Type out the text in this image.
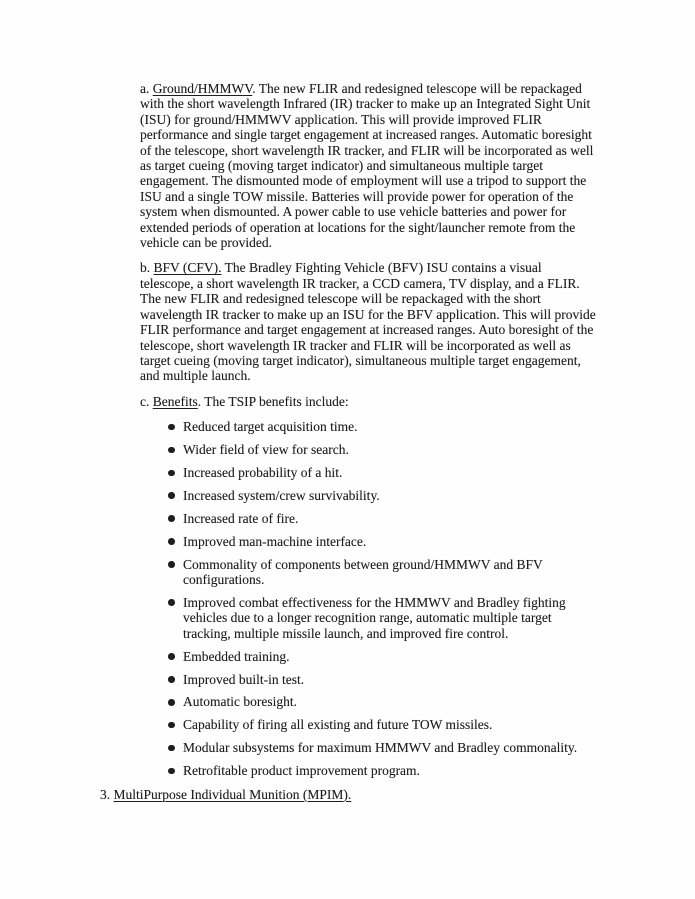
a. Ground/HMMWV. The new FLIR and redesigned telescope will be repackaged with the short wavelength Infrared (IR) tracker to make up an Integrated Sight Unit (ISU) for ground/HMMWV application. This will provide improved FLIR performance and single target engagement at increased ranges. Automatic boresight of the telescope, short wavelength IR tracker, and FLIR will be incorporated as well as target cueing (moving target indicator) and simultaneous multiple target engagement. The dismounted mode of employment will use a tripod to support the ISU and a single TOW missile. Batteries will provide power for operation of the system when dismounted. A power cable to use vehicle batteries and power for extended periods of operation at locations for the sight/launcher remote from the vehicle can be provided.

b. BFV (CFV). The Bradley Fighting Vehicle (BFV) ISU contains a visual telescope, a short wavelength IR tracker, a CCD camera, TV display, and a FLIR. The new FLIR and redesigned telescope will be repackaged with the short wavelength IR tracker to make up an ISU for the BFV application. This will provide FLIR performance and target engagement at increased ranges. Auto boresight of the telescope, short wavelength IR tracker and FLIR will be incorporated as well as target cueing (moving target indicator), simultaneous multiple target engagement, and multiple launch.

c. Benefits. The TSIP benefits include:

Reduced target acquisition time.
Wider field of view for search.
Increased probability of a hit.
Increased system/crew survivability.
Increased rate of fire.
Improved man-machine interface.
Commonality of components between ground/HMMWV and BFV configurations.
Improved combat effectiveness for the HMMWV and Bradley fighting vehicles due to a longer recognition range, automatic multiple target tracking, multiple missile launch, and improved fire control.
Embedded training.
Improved built-in test.
Automatic boresight.
Capability of firing all existing and future TOW missiles.
Modular subsystems for maximum HMMWV and Bradley commonality.
Retrofitable product improvement program.

3. MultiPurpose Individual Munition (MPIM).
